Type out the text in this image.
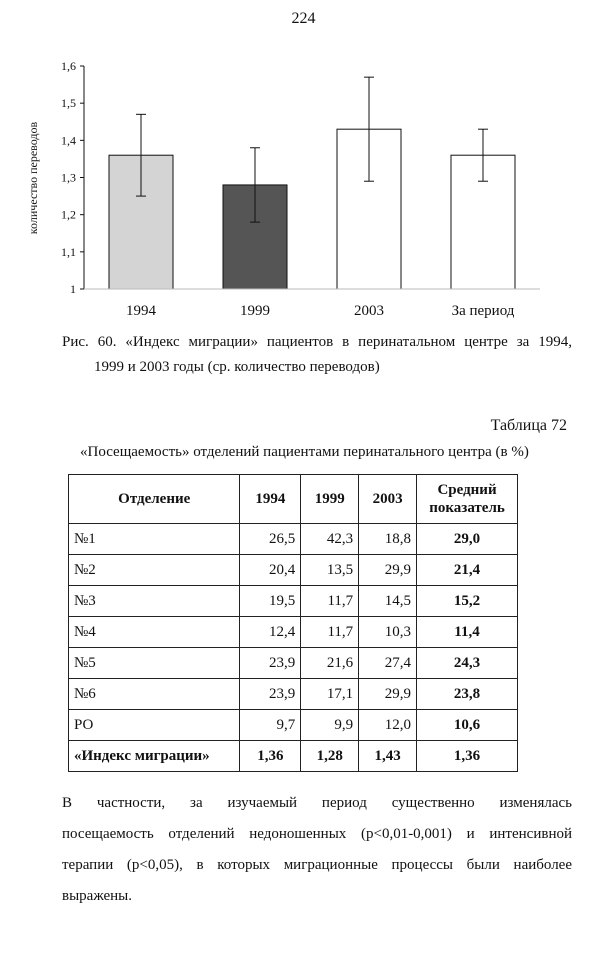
224
1
1,1
1,2
1,3
1,4
1,5
1,6
1994	1999	2003	За период
количество переводов
Рис. 60. «Индекс миграции» пациентов в перинатальном центре за 1994,
1999 и 2003 годы (ср. количество переводов)
Таблица 72
«Посещаемость» отделений пациентами перинатального центра (в %)
Отделение	1994	1999	2003	Средний показатель
№1	26,5	42,3	18,8	29,0
№2	20,4	13,5	29,9	21,4
№3	19,5	11,7	14,5	15,2
№4	12,4	11,7	10,3	11,4
№5	23,9	21,6	27,4	24,3
№6	23,9	17,1	29,9	23,8
РО	9,7	9,9	12,0	10,6
«Индекс миграции»	1,36	1,28	1,43	1,36
В частности, за изучаемый период существенно изменялась
посещаемость отделений недоношенных (p<0,01-0,001) и интенсивной
терапии (p<0,05), в которых миграционные процессы были наиболее
выражены.
